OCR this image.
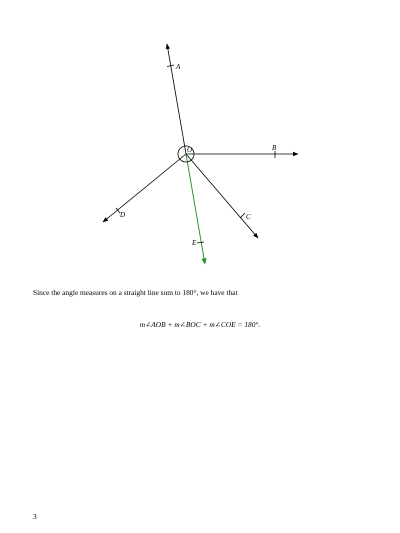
A
B
C
D
E
O
Since the angle measures on a straight line sum to 180°, we have that
m∠AOB + m∠BOC + m∠COE = 180°.
3
